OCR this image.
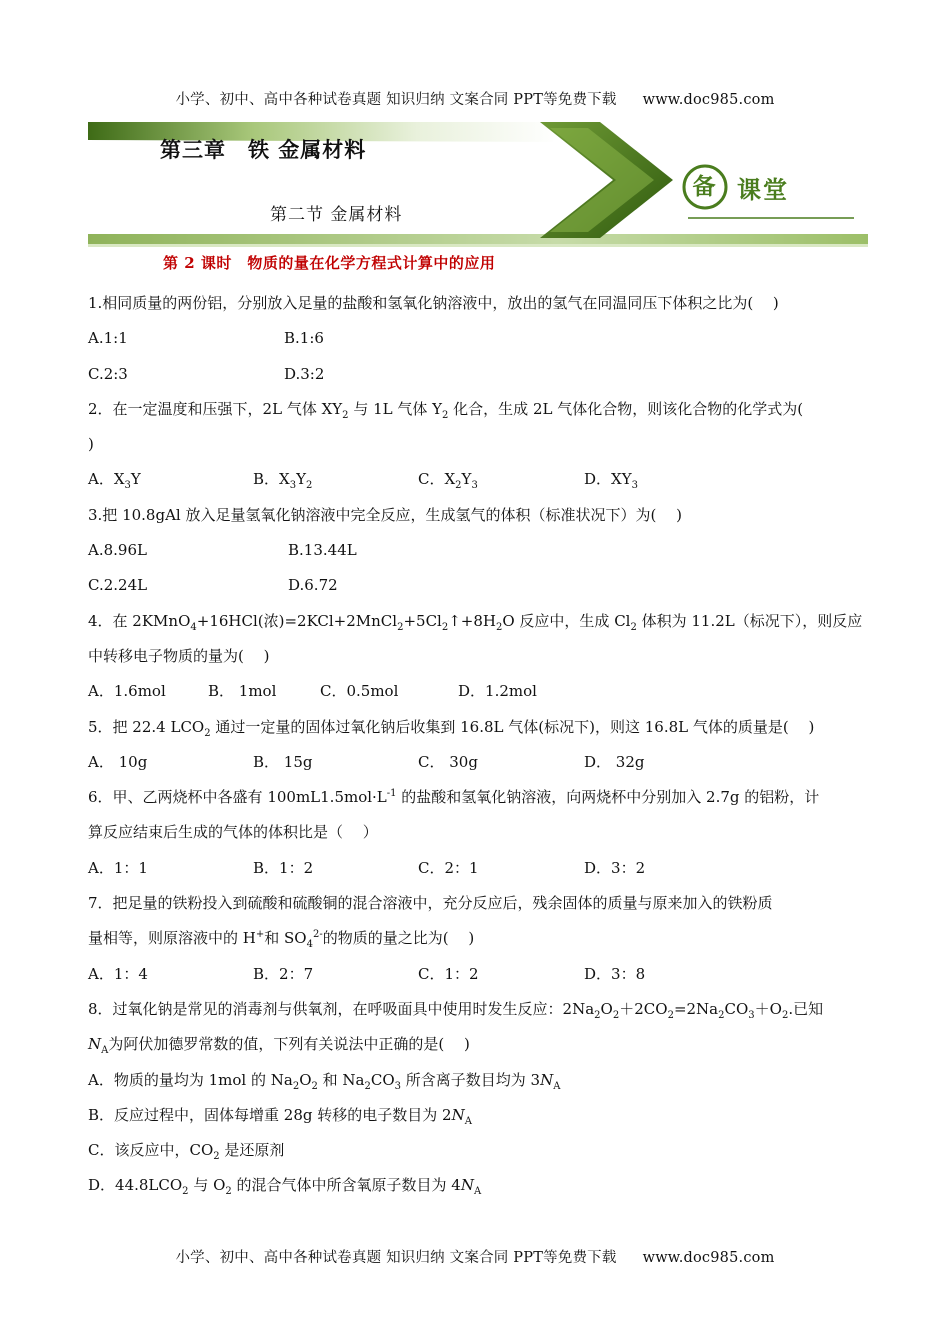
小学、初中、高中各种试卷真题 知识归纳 文案合同 PPT等免费下载 www.doc985.com
第三章　铁 金属材料
第二节 金属材料
备 课堂
第 2 课时　物质的量在化学方程式计算中的应用
1.相同质量的两份铝，分别放入足量的盐酸和氢氧化钠溶液中，放出的氢气在同温同压下体积之比为(　 )
A.1:1	B.1:6
C.2:3	D.3:2
2．在一定温度和压强下，2L 气体 $XY_2$ 与 1L 气体 $Y_2$ 化合，生成 2L 气体化合物，则该化合物的化学式为(
)
A．$X_3Y$	B．$X_3Y_2$	C．$X_2Y_3$	D．$XY_3$
3.把 10.8gAl 放入足量氢氧化钠溶液中完全反应，生成氢气的体积（标准状况下）为(　 )
A.8.96L	B.13.44L
C.2.24L	D.6.72
4．在 2KMnO$_4$+16HCl(浓)$=2KCl+2MnCl_2+5Cl_2↑+8H_2O$ 反应中，生成 $Cl_2$ 体积为 11.2L（标况下），则反应
中转移电子物质的量为(　 )
A．1.6mol	B． 1mol	C．0.5mol	D．1.2mol
5．把 22.4 $LCO_2$ 通过一定量的固体过氧化钠后收集到 16.8L 气体(标况下)，则这 16.8L 气体的质量是(　 )
A． 10g	B． 15g	C． 30g	D． 32g
6．甲、乙两烧杯中各盛有 $100mL1.5mol\cdot L^{-1}$ 的盐酸和氢氧化钠溶液，向两烧杯中分别加入 2.7g 的铝粉，计
算反应结束后生成的气体的体积比是（　 ）
A．1：1	B．1：2	C．2：1	D．3：2
7．把足量的铁粉投入到硫酸和硫酸铜的混合溶液中，充分反应后，残余固体的质量与原来加入的铁粉质
量相等，则原溶液中的 H+和 $SO_4^{2-}$的物质的量之比为(　 )
A．1：4	B．2：7	C．1：2	D．3：8
8．过氧化钠是常见的消毒剂与供氧剂，在呼吸面具中使用时发生反应：$2Na_2O_2+2CO_2=2Na_2CO_3+O_2$.已知
$N_A$为阿伏加德罗常数的值，下列有关说法中正确的是(　 )
A．物质的量均为 1mol 的 $Na_2O_2$ 和 $Na_2CO_3$ 所含离子数目均为 $3N_A$
B．反应过程中，固体每增重 28g 转移的电子数目为 $2N_A$
C．该反应中，$CO_2$ 是还原剂
D．$44.8LCO_2$ 与 $O_2$ 的混合气体中所含氧原子数目为 $4N_A$
小学、初中、高中各种试卷真题 知识归纳 文案合同 PPT等免费下载 www.doc985.com
